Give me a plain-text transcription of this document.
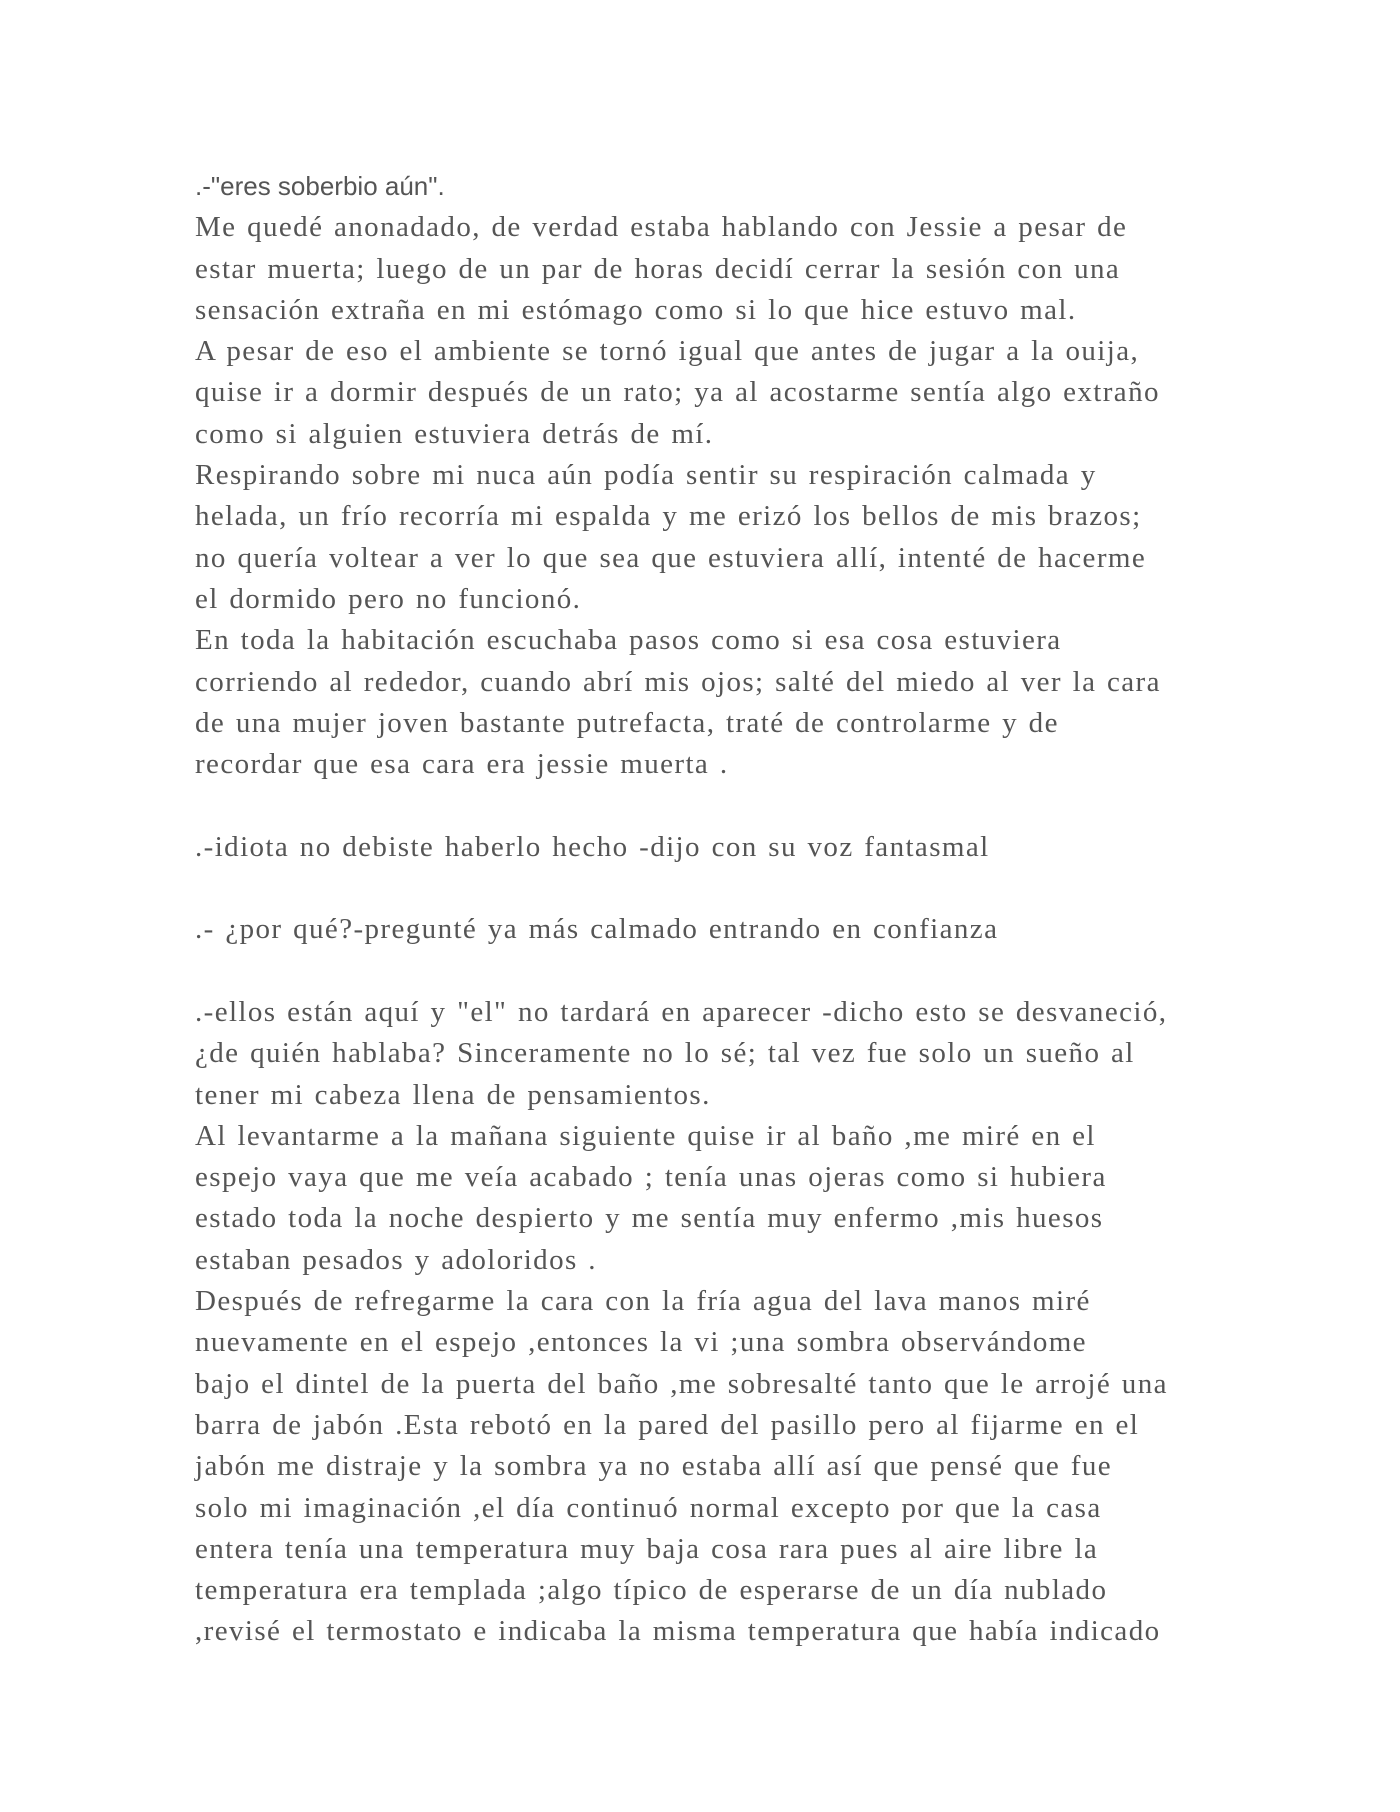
.-"eres soberbio aún".
Me quedé anonadado, de verdad estaba hablando con Jessie a pesar de
estar muerta; luego de un par de horas decidí cerrar la sesión con una
sensación extraña en mi estómago como si lo que hice estuvo mal.
A pesar de eso el ambiente se tornó igual que antes de jugar a la ouija,
quise ir a dormir después de un rato; ya al acostarme sentía algo extraño
como si alguien estuviera detrás de mí.
Respirando sobre mi nuca aún podía sentir su respiración calmada y
helada, un frío recorría mi espalda y me erizó los bellos de mis brazos;
no quería voltear a ver lo que sea que estuviera allí, intenté de hacerme
el dormido pero no funcionó.
En toda la habitación escuchaba pasos como si esa cosa estuviera
corriendo al rededor, cuando abrí mis ojos; salté del miedo al ver la cara
de una mujer joven bastante putrefacta, traté de controlarme y de
recordar que esa cara era jessie muerta .
.-idiota no debiste haberlo hecho -dijo con su voz fantasmal
.- ¿por qué?-pregunté ya más calmado entrando en confianza
.-ellos están aquí y "el" no tardará en aparecer -dicho esto se desvaneció,
¿de quién hablaba? Sinceramente no lo sé; tal vez fue solo un sueño al
tener mi cabeza llena de pensamientos.
Al levantarme a la mañana siguiente quise ir al baño ,me miré en el
espejo vaya que me veía acabado ; tenía unas ojeras como si hubiera
estado toda la noche despierto y me sentía muy enfermo ,mis huesos
estaban pesados y adoloridos .
Después de refregarme la cara con la fría agua del lava manos miré
nuevamente en el espejo ,entonces la vi ;una sombra observándome
bajo el dintel de la puerta del baño ,me sobresalté tanto que le arrojé una
barra de jabón .Esta rebotó en la pared del pasillo pero al fijarme en el
jabón me distraje y la sombra ya no estaba allí así que pensé que fue
solo mi imaginación ,el día continuó normal excepto por que la casa
entera tenía una temperatura muy baja cosa rara pues al aire libre la
temperatura era templada ;algo típico de esperarse de un día nublado
,revisé el termostato e indicaba la misma temperatura que había indicado
